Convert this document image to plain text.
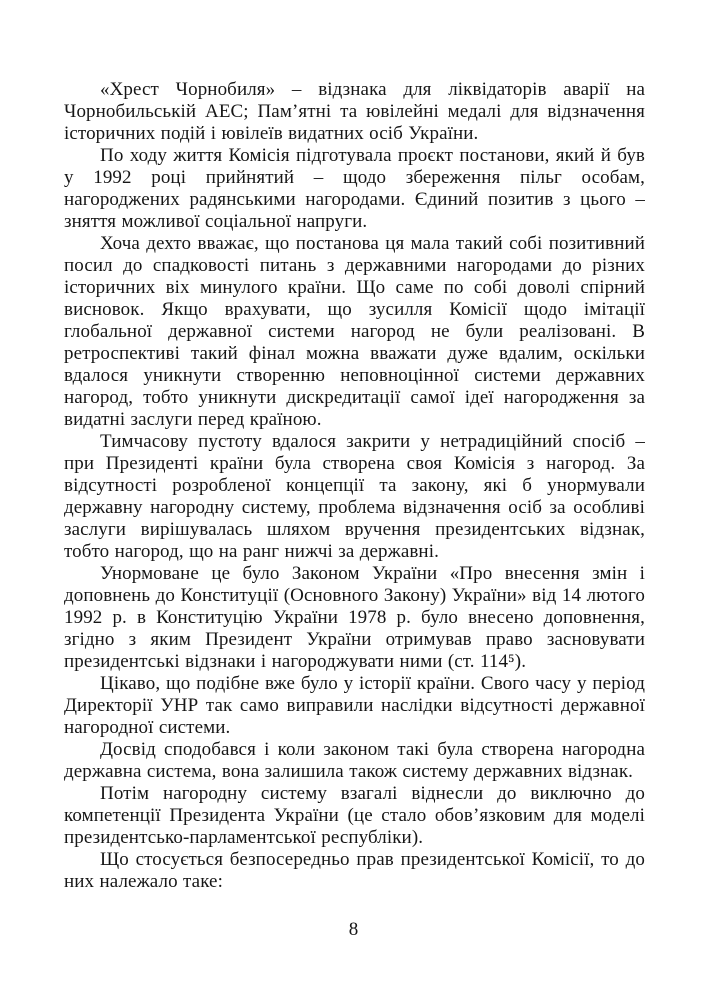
«Хрест Чорнобиля» – відзнака для ліквідаторів аварії на Чорнобильській АЕС; Пам’ятні та ювілейні медалі для відзначення історичних подій і ювілеїв видатних осіб України.

По ходу життя Комісія підготувала проєкт постанови, який й був у 1992 році прийнятий – щодо збереження пільг особам, нагороджених радянськими нагородами. Єдиний позитив з цього – зняття можливої соціальної напруги.

Хоча дехто вважає, що постанова ця мала такий собі позитивний посил до спадковості питань з державними нагородами до різних історичних віх минулого країни. Що саме по собі доволі спірний висновок. Якщо врахувати, що зусилля Комісії щодо імітації глобальної державної системи нагород не були реалізовані. В ретроспективі такий фінал можна вважати дуже вдалим, оскільки вдалося уникнути створенню неповноцінної системи державних нагород, тобто уникнути дискредитації самої ідеї нагородження за видатні заслуги перед країною.

Тимчасову пустоту вдалося закрити у нетрадиційний спосіб – при Президенті країни була створена своя Комісія з нагород. За відсутності розробленої концепції та закону, які б унормували державну нагородну систему, проблема відзначення осіб за особливі заслуги вирішувалась шляхом вручення президентських відзнак, тобто нагород, що на ранг нижчі за державні.

Унормоване це було Законом України «Про внесення змін і доповнень до Конституції (Основного Закону) України» від 14 лютого 1992 р. в Конституцію України 1978 р. було внесено доповнення, згідно з яким Президент України отримував право засновувати президентські відзнаки і нагороджувати ними (ст. 114⁵).

Цікаво, що подібне вже було у історії країни. Свого часу у період Директорії УНР так само виправили наслідки відсутності державної нагородної системи.

Досвід сподобався і коли законом такі була створена нагородна державна система, вона залишила також систему державних відзнак.

Потім нагородну систему взагалі віднесли до виключно до компетенції Президента України (це стало обов’язковим для моделі президентсько-парламентської республіки).

Що стосується безпосередньо прав президентської Комісії, то до них належало таке:

8
